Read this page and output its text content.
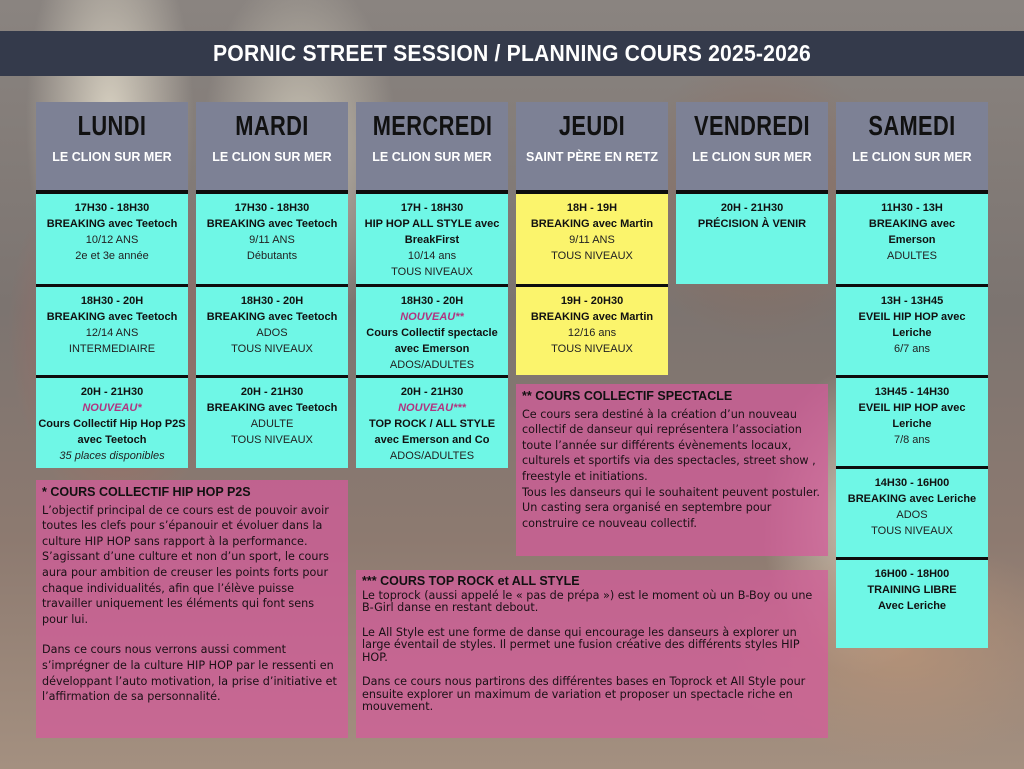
PORNIC STREET SESSION / PLANNING COURS 2025-2026
LUNDI
LE CLION SUR MER
17H30 - 18H30
BREAKING avec Teetoch
10/12 ANS
2e et 3e année
18H30 - 20H
BREAKING avec Teetoch
12/14 ANS
INTERMEDIAIRE
20H - 21H30
NOUVEAU*
Cours Collectif Hip Hop P2S avec Teetoch
35 places disponibles
MARDI
LE CLION SUR MER
17H30 - 18H30
BREAKING avec Teetoch
9/11 ANS
Débutants
18H30 - 20H
BREAKING avec Teetoch
ADOS
TOUS NIVEAUX
20H - 21H30
BREAKING avec Teetoch
ADULTE
TOUS NIVEAUX
MERCREDI
LE CLION SUR MER
17H - 18H30
HIP HOP ALL STYLE avec BreakFirst
10/14 ans
TOUS NIVEAUX
18H30 - 20H
NOUVEAU**
Cours Collectif spectacle avec Emerson
ADOS/ADULTES
20H - 21H30
NOUVEAU***
TOP ROCK / ALL STYLE avec Emerson and Co
ADOS/ADULTES
JEUDI
SAINT PÈRE EN RETZ
18H - 19H
BREAKING avec Martin
9/11 ANS
TOUS NIVEAUX
19H - 20H30
BREAKING avec Martin
12/16 ans
TOUS NIVEAUX
VENDREDI
LE CLION SUR MER
20H - 21H30
PRÉCISION À VENIR
SAMEDI
LE CLION SUR MER
11H30 - 13H
BREAKING avec Emerson
ADULTES
13H - 13H45
EVEIL HIP HOP avec Leriche
6/7 ans
13H45 - 14H30
EVEIL HIP HOP avec Leriche
7/8 ans
14H30 - 16H00
BREAKING avec Leriche
ADOS
TOUS NIVEAUX
16H00 - 18H00
TRAINING LIBRE
Avec Leriche
* COURS COLLECTIF HIP HOP P2S

L’objectif principal de ce cours est de pouvoir avoir toutes les clefs pour s’épanouir et évoluer dans la culture HIP HOP sans rapport à la performance. S’agissant d’une culture et non d’un sport, le cours aura pour ambition de creuser les points forts pour chaque individualités, afin que l’élève puisse travailler uniquement les éléments qui font sens pour lui.

Dans ce cours nous verrons aussi comment s’imprégner de la culture HIP HOP par le ressenti en développant l’auto motivation, la prise d’initiative et l’affirmation de sa personnalité.

** COURS COLLECTIF SPECTACLE

Ce cours sera destiné à la création d’un nouveau collectif de danseur qui représentera l’association toute l’année sur différents évènements locaux, culturels et sportifs via des spectacles, street show , freestyle et initiations.

Tous les danseurs qui le souhaitent peuvent postuler. Un casting sera organisé en septembre pour construire ce nouveau collectif.

*** COURS TOP ROCK et ALL STYLE

Le toprock (aussi appelé le « pas de prépa ») est le moment où un B-Boy ou une B-Girl danse en restant debout.

Le All Style est une forme de danse qui encourage les danseurs à explorer un large éventail de styles. Il permet une fusion créative des différents styles HIP HOP.

Dans ce cours nous partirons des différentes bases en Toprock et All Style pour ensuite explorer un maximum de variation et proposer un spectacle riche en mouvement.
